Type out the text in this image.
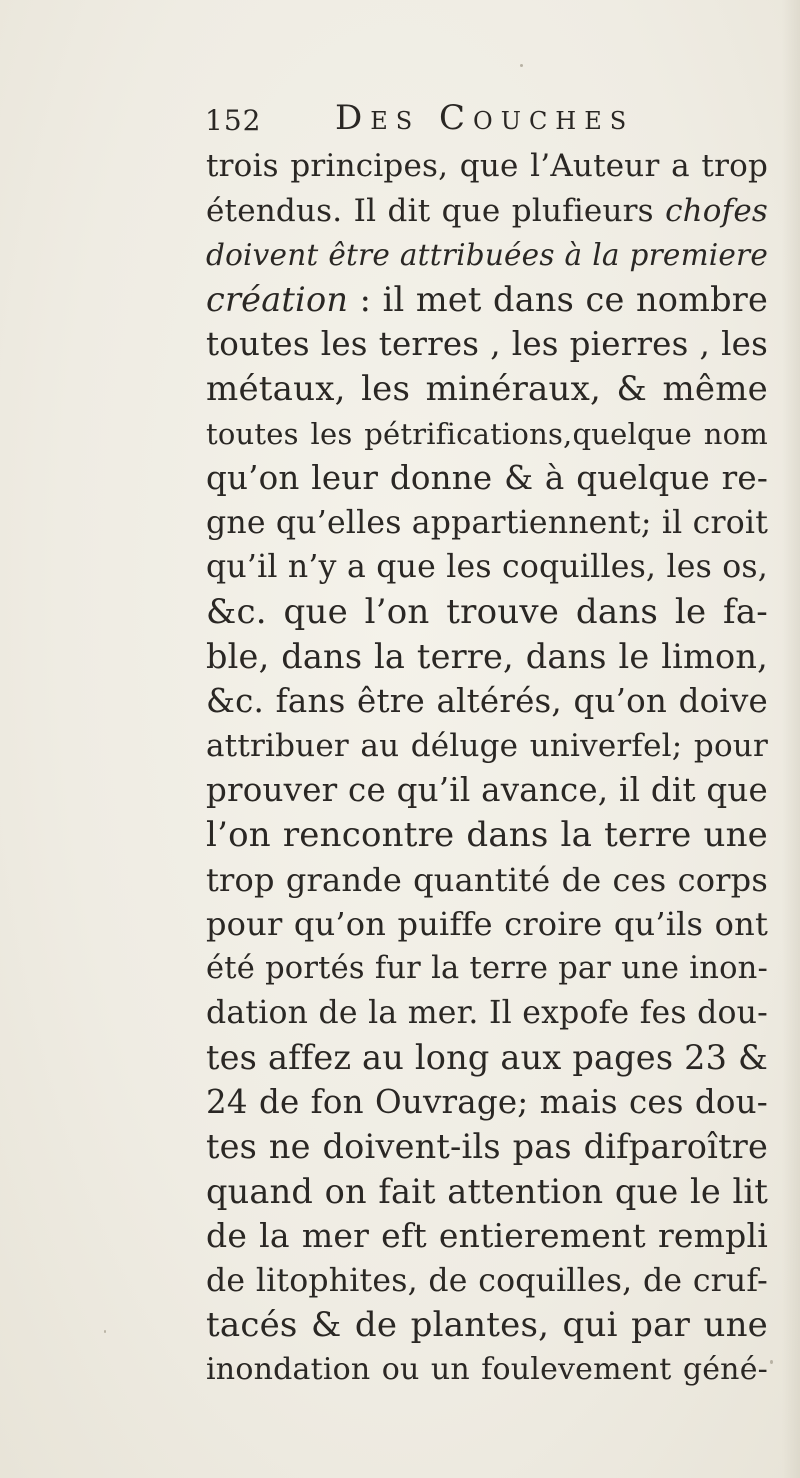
152 Des Couches
trois principes, que l’Auteur a trop
étendus. Il dit que plufieurs chofes
doivent être attribuées à la premiere
création : il met dans ce nombre
toutes les terres , les pierres , les
métaux, les minéraux, & même
toutes les pétrifications,quelque nom
qu’on leur donne & à quelque re-
gne qu’elles appartiennent; il croit
qu’il n’y a que les coquilles, les os,
&c. que l’on trouve dans le fa-
ble, dans la terre, dans le limon,
&c. fans être altérés, qu’on doive
attribuer au déluge univerfel; pour
prouver ce qu’il avance, il dit que
l’on rencontre dans la terre une
trop grande quantité de ces corps
pour qu’on puiffe croire qu’ils ont
été portés fur la terre par une inon-
dation de la mer. Il expofe fes dou-
tes affez au long aux pages 23 &
24 de fon Ouvrage; mais ces dou-
tes ne doivent-ils pas difparoître
quand on fait attention que le lit
de la mer eft entierement rempli
de litophites, de coquilles, de cruf-
tacés & de plantes, qui par une
inondation ou un foulevement géné-
